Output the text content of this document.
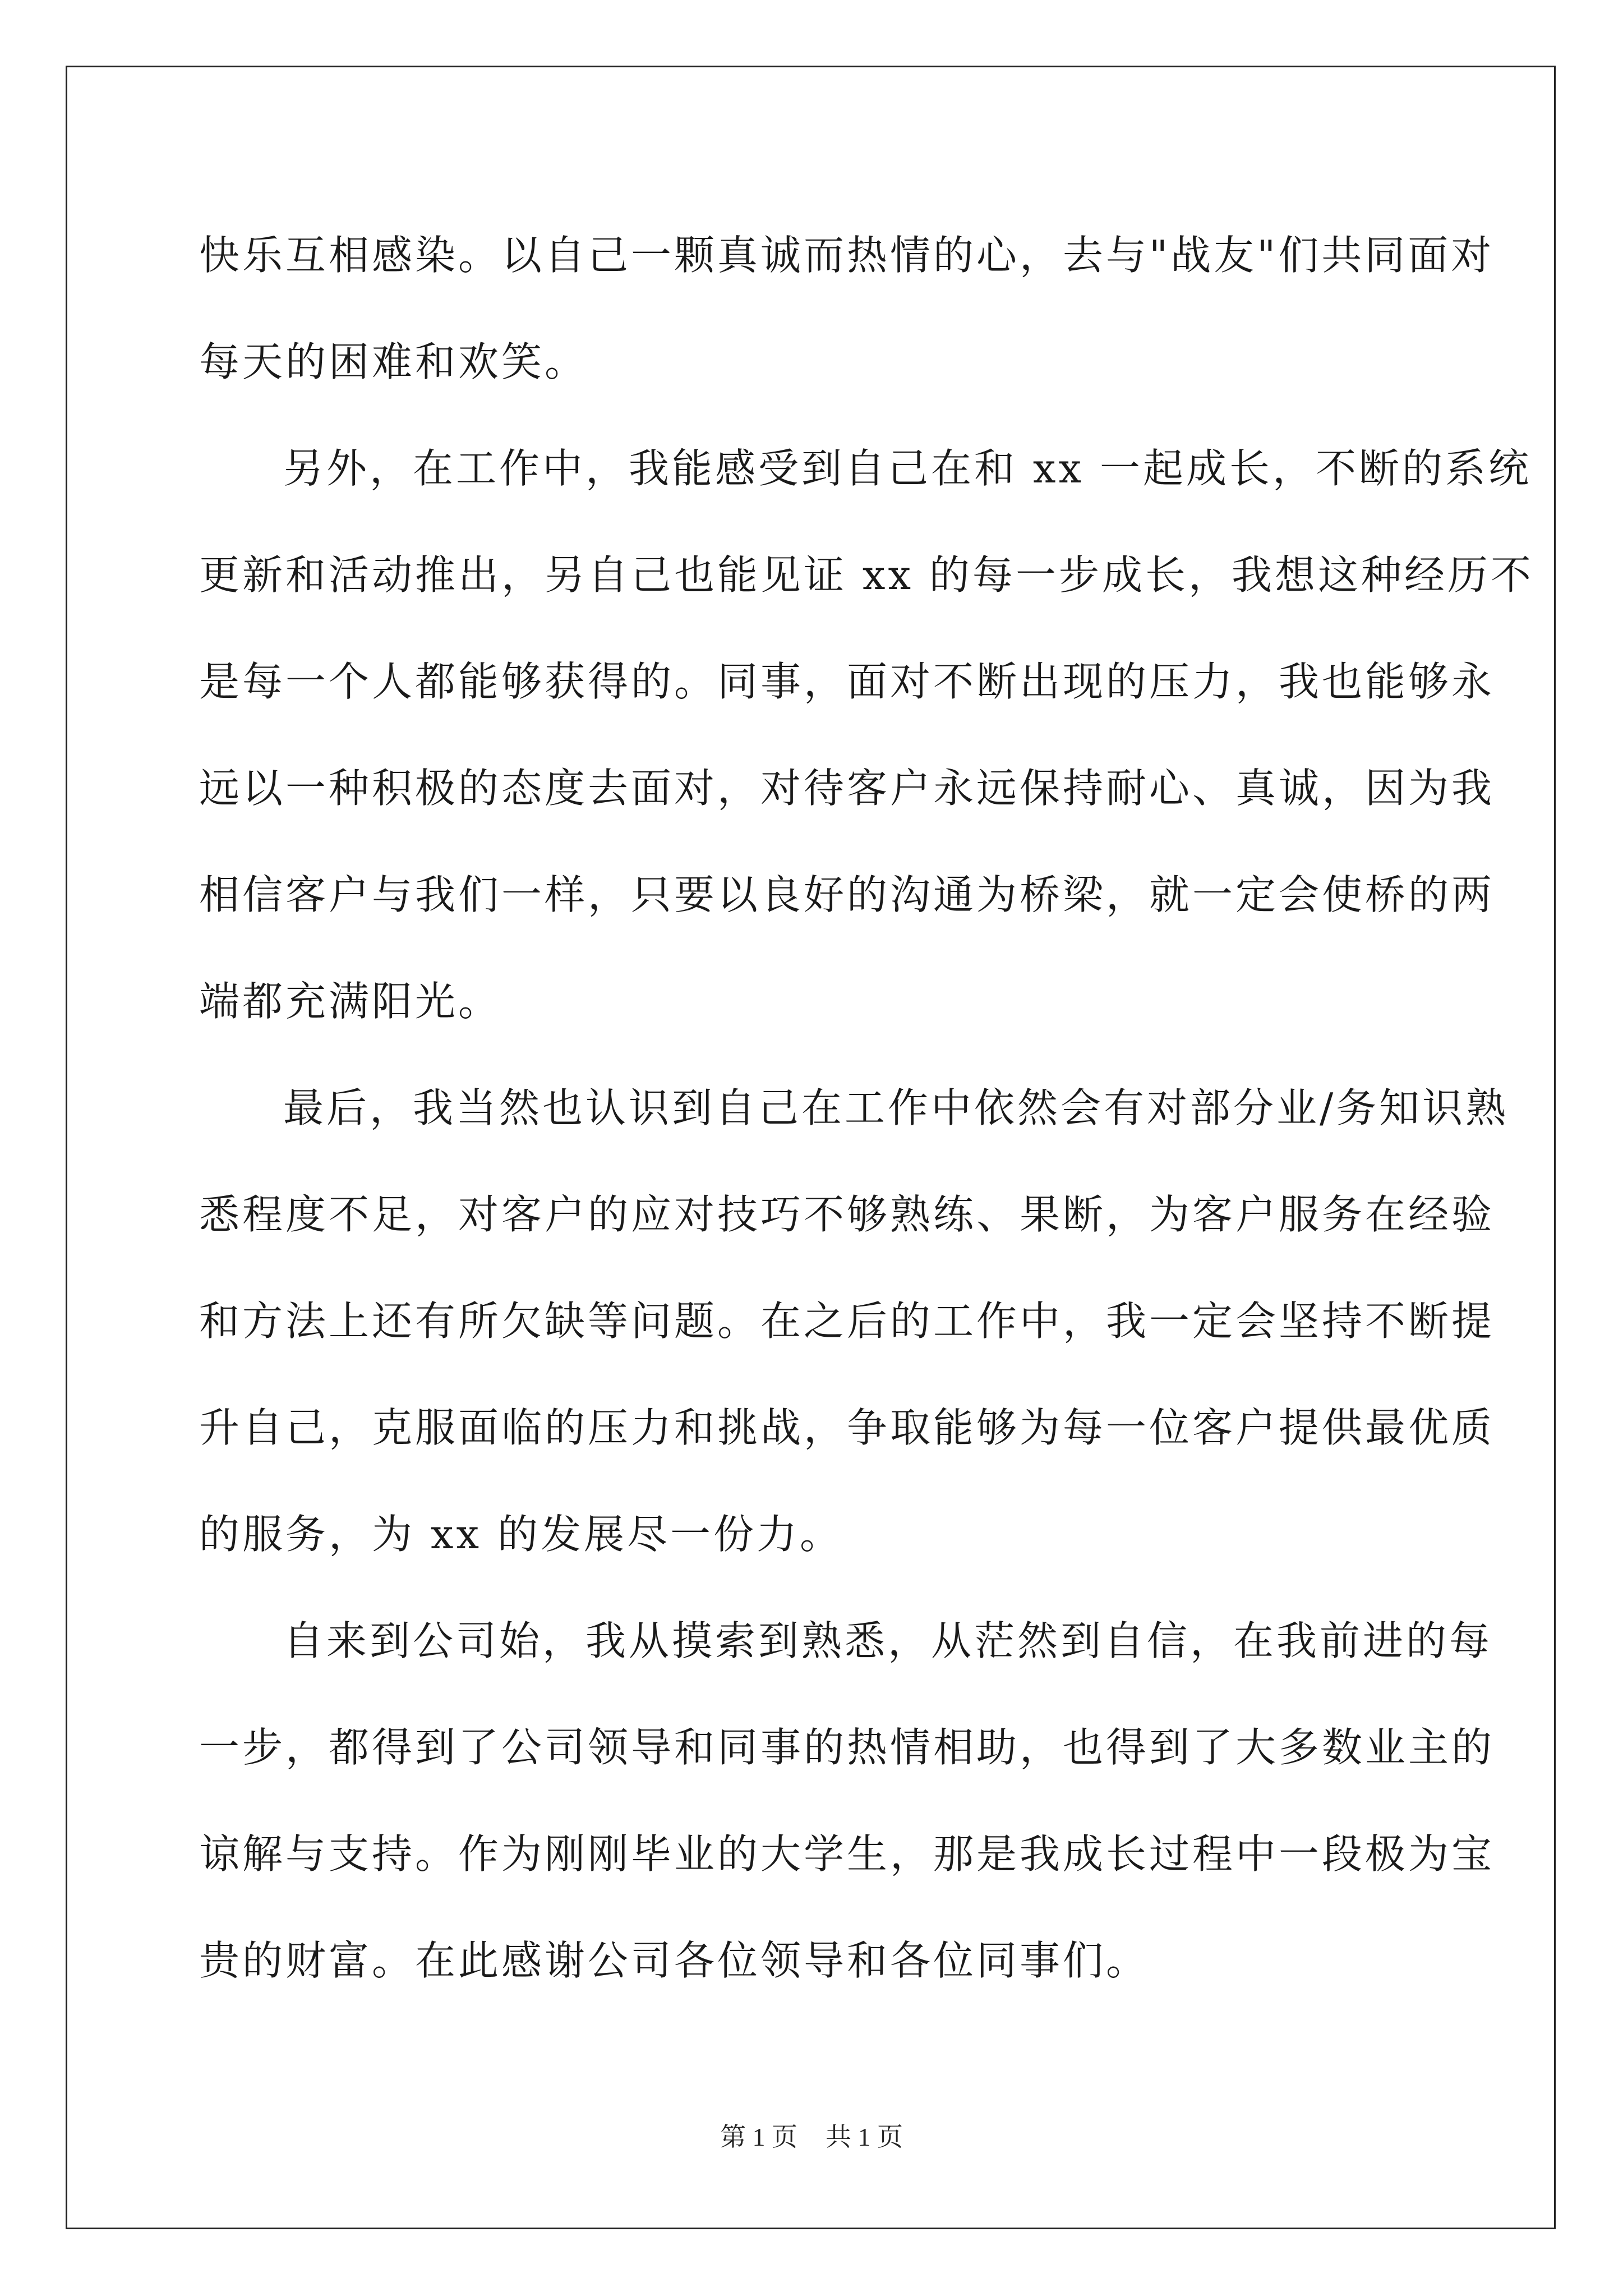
快乐互相感染。以自己一颗真诚而热情的心，去与"战友"们共同面对
每天的困难和欢笑。
另外，在工作中，我能感受到自己在和 xx 一起成长，不断的系统
更新和活动推出，另自己也能见证 xx 的每一步成长，我想这种经历不
是每一个人都能够获得的。同事，面对不断出现的压力，我也能够永
远以一种积极的态度去面对，对待客户永远保持耐心、真诚，因为我
相信客户与我们一样，只要以良好的沟通为桥梁，就一定会使桥的两
端都充满阳光。
最后，我当然也认识到自己在工作中依然会有对部分业/务知识熟
悉程度不足，对客户的应对技巧不够熟练、果断，为客户服务在经验
和方法上还有所欠缺等问题。在之后的工作中，我一定会坚持不断提
升自己，克服面临的压力和挑战，争取能够为每一位客户提供最优质
的服务，为 xx 的发展尽一份力。
自来到公司始，我从摸索到熟悉，从茫然到自信，在我前进的每
一步，都得到了公司领导和同事的热情相助，也得到了大多数业主的
谅解与支持。作为刚刚毕业的大学生，那是我成长过程中一段极为宝
贵的财富。在此感谢公司各位领导和各位同事们。
第 1 页 共 1 页
